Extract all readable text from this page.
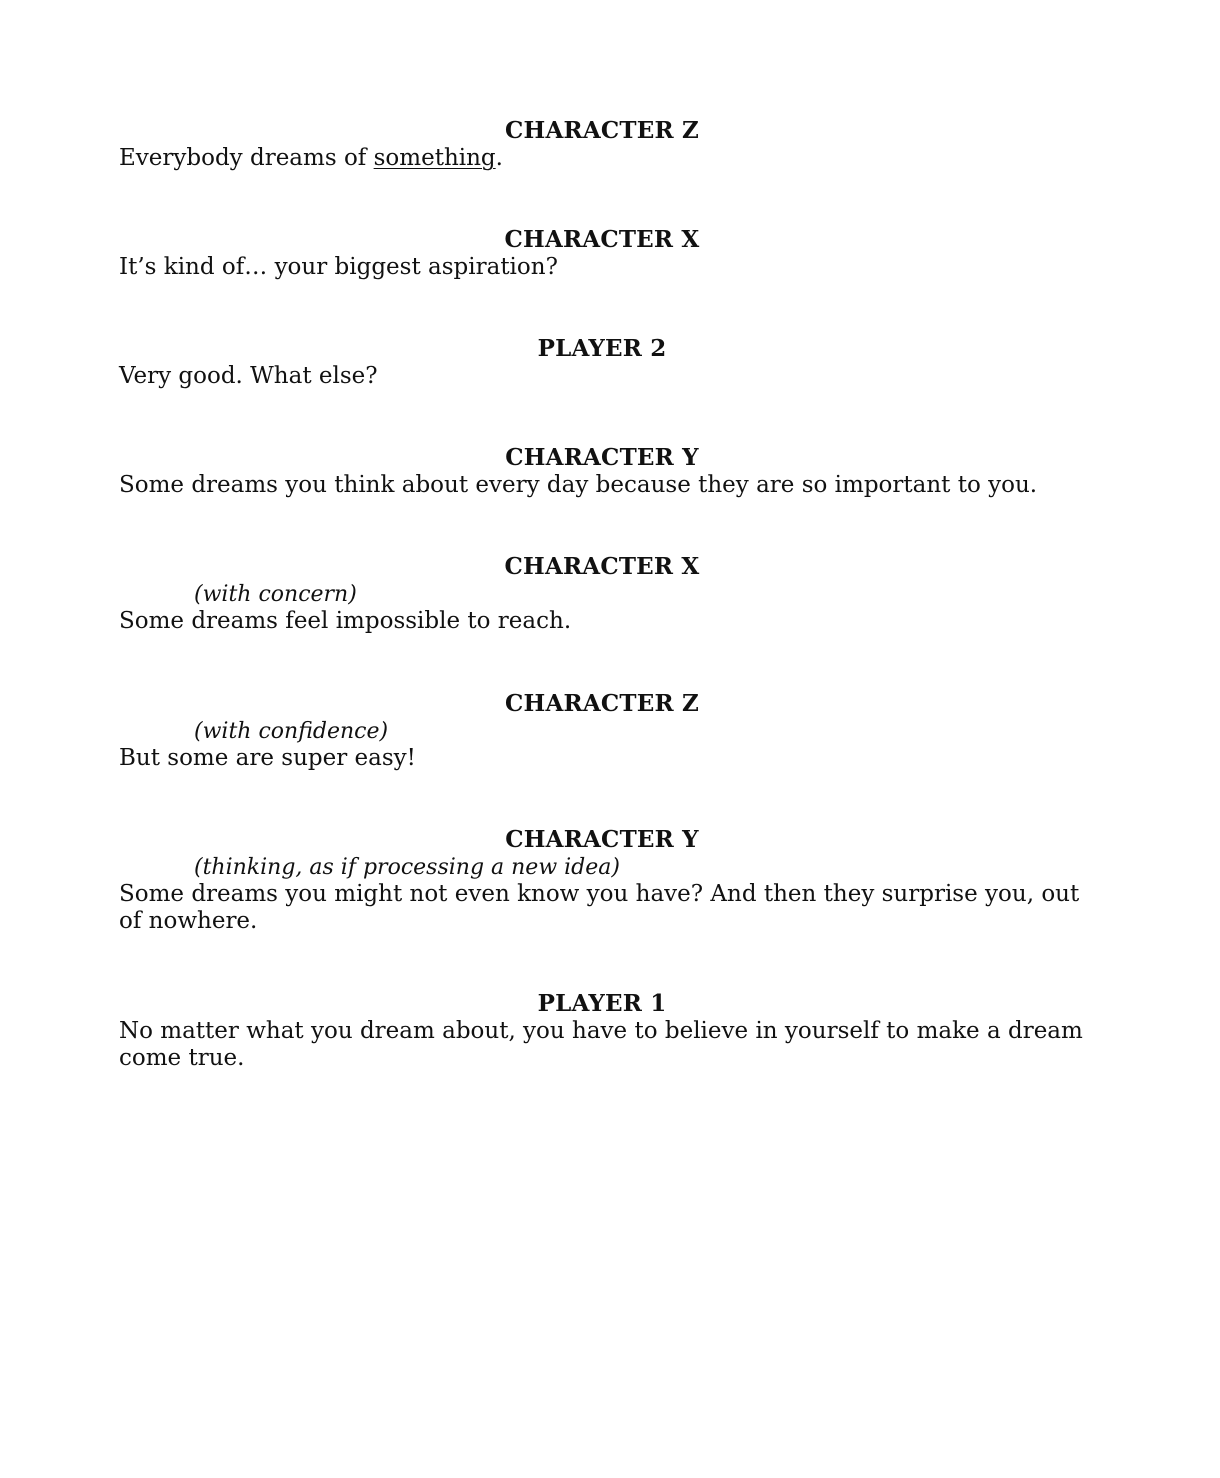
CHARACTER Z
Everybody dreams of something.
CHARACTER X
It’s kind of… your biggest aspiration?
PLAYER 2
Very good. What else?
CHARACTER Y
Some dreams you think about every day because they are so important to you.
CHARACTER X
(with concern)
Some dreams feel impossible to reach.
CHARACTER Z
(with confidence)
But some are super easy!
CHARACTER Y
(thinking, as if processing a new idea)
Some dreams you might not even know you have? And then they surprise you, out of nowhere.
PLAYER 1
No matter what you dream about, you have to believe in yourself to make a dream come true.
